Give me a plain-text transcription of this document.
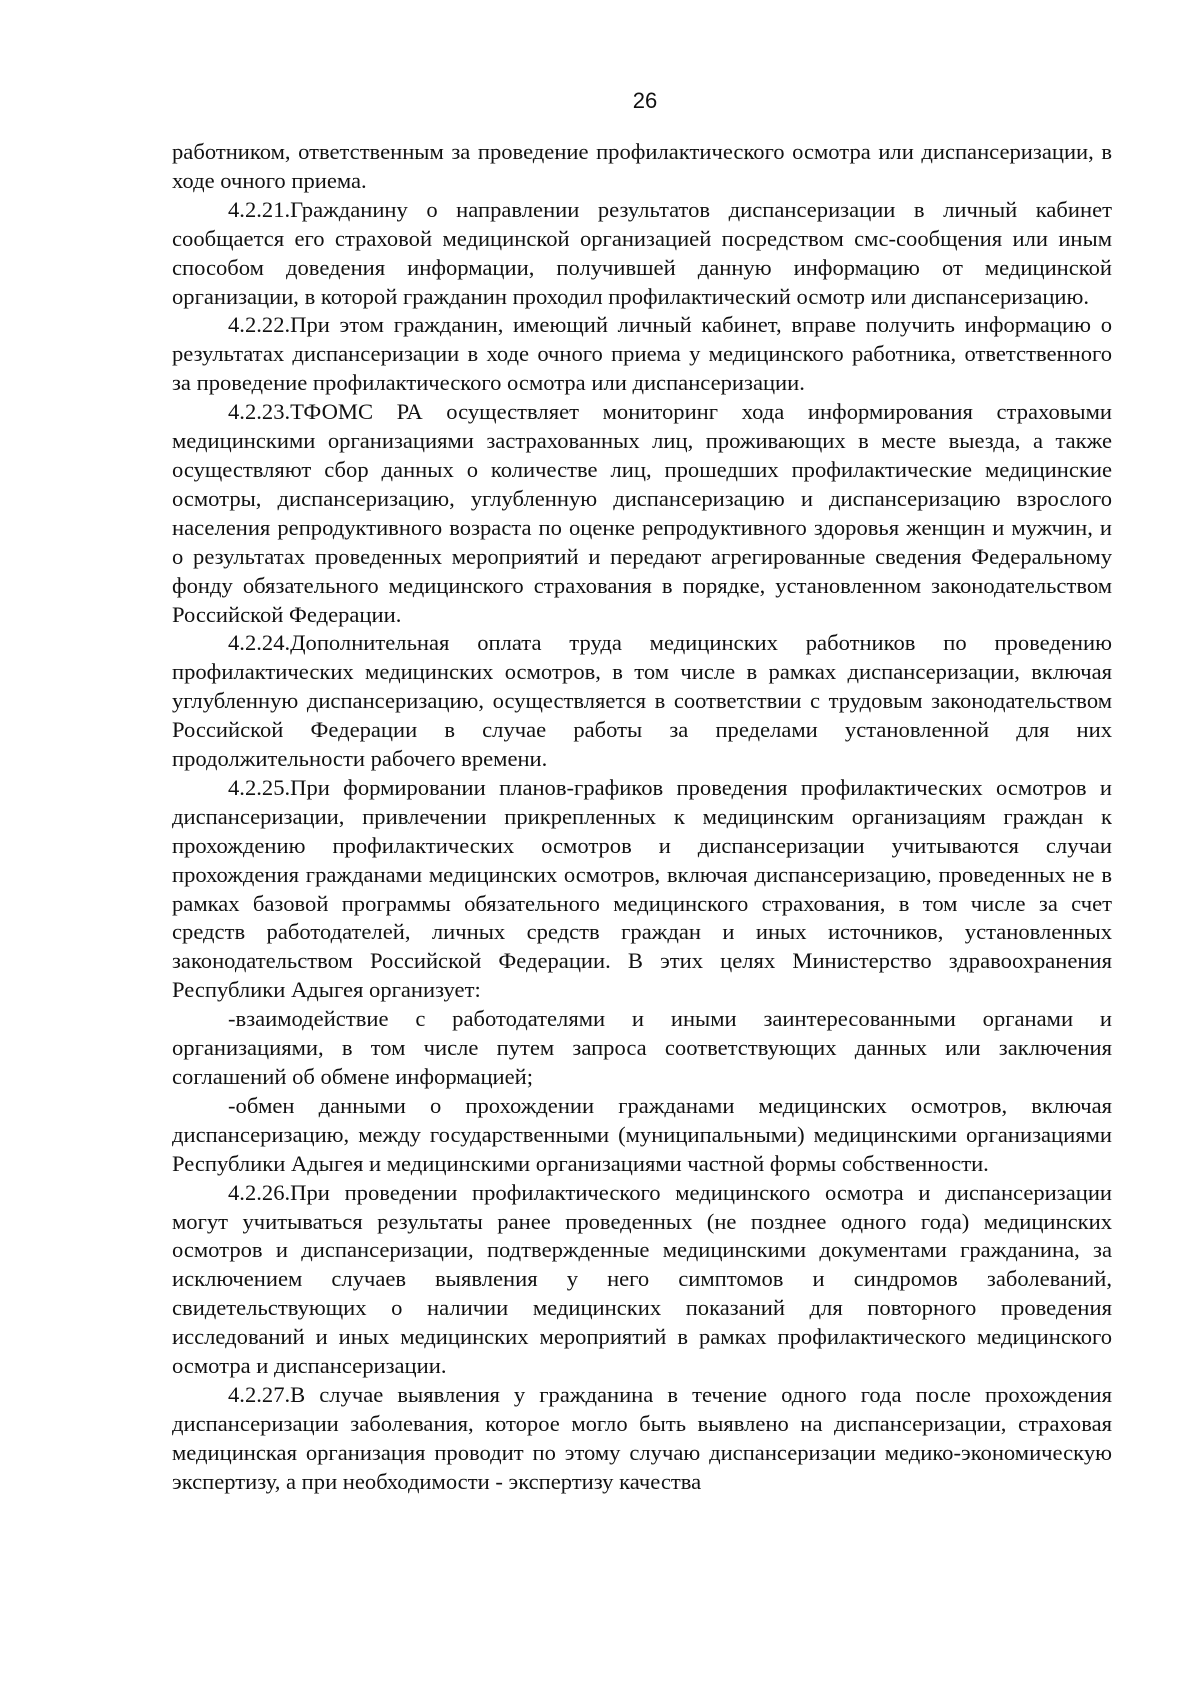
26

работником, ответственным за проведение профилактического осмотра или диспансеризации, в ходе очного приема.

4.2.21.Гражданину о направлении результатов диспансеризации в личный кабинет сообщается его страховой медицинской организацией посредством смс-сообщения или иным способом доведения информации, получившей данную информацию от медицинской организации, в которой гражданин проходил профилактический осмотр или диспансеризацию.

4.2.22.При этом гражданин, имеющий личный кабинет, вправе получить информацию о результатах диспансеризации в ходе очного приема у медицинского работника, ответственного за проведение профилактического осмотра или диспансеризации.

4.2.23.ТФОМС РА осуществляет мониторинг хода информирования страховыми медицинскими организациями застрахованных лиц, проживающих в месте выезда, а также осуществляют сбор данных о количестве лиц, прошедших профилактические медицинские осмотры, диспансеризацию, углубленную диспансеризацию и диспансеризацию взрослого населения репродуктивного возраста по оценке репродуктивного здоровья женщин и мужчин, и о результатах проведенных мероприятий и передают агрегированные сведения Федеральному фонду обязательного медицинского страхования в порядке, установленном законодательством Российской Федерации.

4.2.24.Дополнительная оплата труда медицинских работников по проведению профилактических медицинских осмотров, в том числе в рамках диспансеризации, включая углубленную диспансеризацию, осуществляется в соответствии с трудовым законодательством Российской Федерации в случае работы за пределами установленной для них продолжительности рабочего времени.

4.2.25.При формировании планов-графиков проведения профилактических осмотров и диспансеризации, привлечении прикрепленных к медицинским организациям граждан к прохождению профилактических осмотров и диспансеризации учитываются случаи прохождения гражданами медицинских осмотров, включая диспансеризацию, проведенных не в рамках базовой программы обязательного медицинского страхования, в том числе за счет средств работодателей, личных средств граждан и иных источников, установленных законодательством Российской Федерации. В этих целях Министерство здравоохранения Республики Адыгея организует:

-взаимодействие с работодателями и иными заинтересованными органами и организациями, в том числе путем запроса соответствующих данных или заключения соглашений об обмене информацией;

-обмен данными о прохождении гражданами медицинских осмотров, включая диспансеризацию, между государственными (муниципальными) медицинскими организациями Республики Адыгея и медицинскими организациями частной формы собственности.

4.2.26.При проведении профилактического медицинского осмотра и диспансеризации могут учитываться результаты ранее проведенных (не позднее одного года) медицинских осмотров и диспансеризации, подтвержденные медицинскими документами гражданина, за исключением случаев выявления у него симптомов и синдромов заболеваний, свидетельствующих о наличии медицинских показаний для повторного проведения исследований и иных медицинских мероприятий в рамках профилактического медицинского осмотра и диспансеризации.

4.2.27.В случае выявления у гражданина в течение одного года после прохождения диспансеризации заболевания, которое могло быть выявлено на диспансеризации, страховая медицинская организация проводит по этому случаю диспансеризации медико-экономическую экспертизу, а при необходимости - экспертизу качества
